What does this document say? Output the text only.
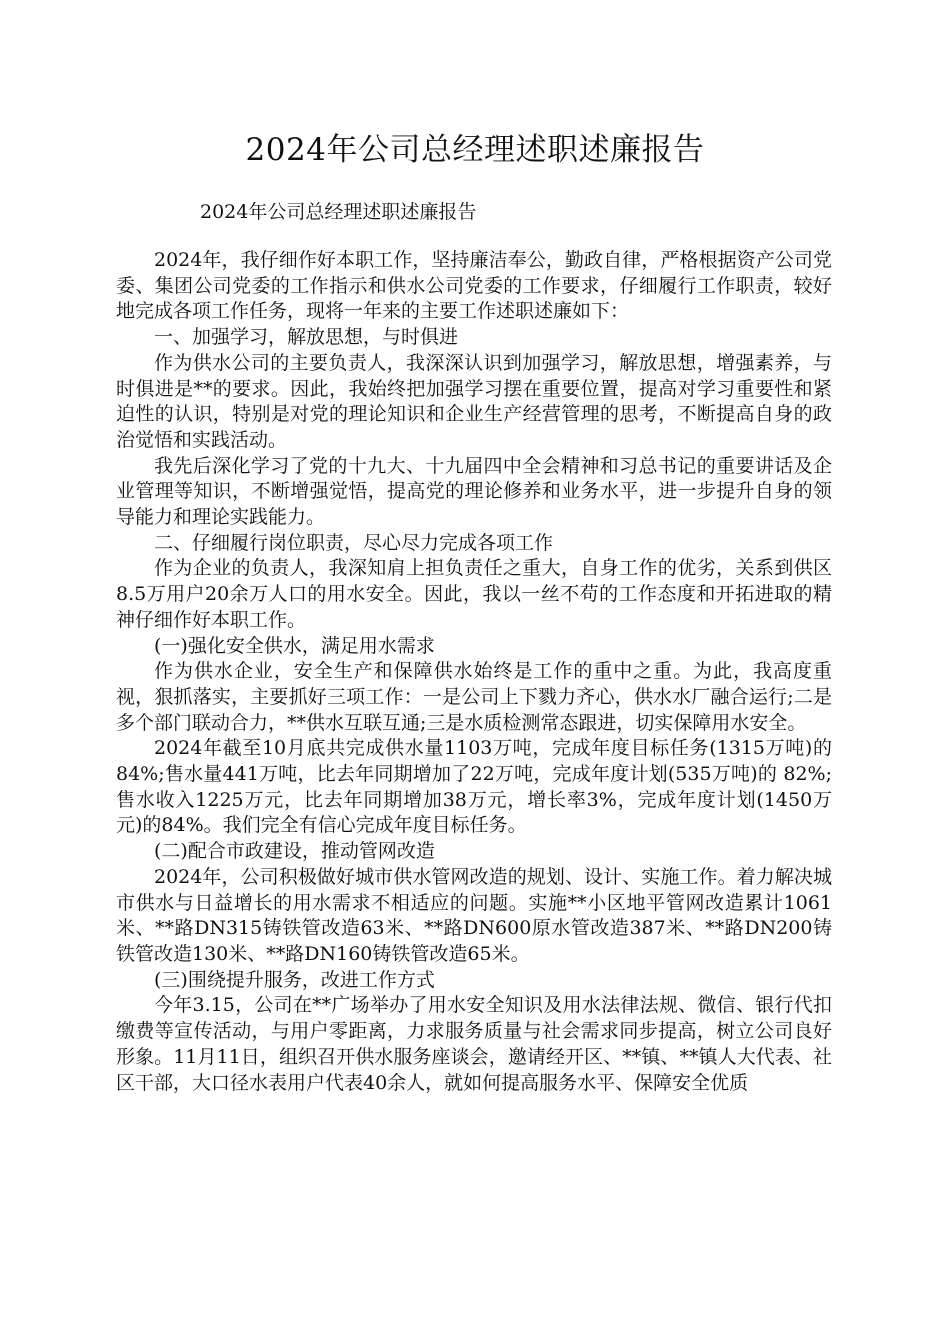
2024年公司总经理述职述廉报告
2024年公司总经理述职述廉报告

2024年，我仔细作好本职工作，坚持廉洁奉公，勤政自律，严格根据资产公司党委、集团公司党委的工作指示和供水公司党委的工作要求，仔细履行工作职责，较好地完成各项工作任务，现将一年来的主要工作述职述廉如下：

一、加强学习，解放思想，与时俱进

作为供水公司的主要负责人，我深深认识到加强学习，解放思想，增强素养，与时俱进是**的要求。因此，我始终把加强学习摆在重要位置，提高对学习重要性和紧迫性的认识，特别是对党的理论知识和企业生产经营管理的思考，不断提高自身的政治觉悟和实践活动。

我先后深化学习了党的十九大、十九届四中全会精神和习总书记的重要讲话及企业管理等知识，不断增强觉悟，提高党的理论修养和业务水平，进一步提升自身的领导能力和理论实践能力。

二、仔细履行岗位职责，尽心尽力完成各项工作

作为企业的负责人，我深知肩上担负责任之重大，自身工作的优劣，关系到供区8.5万用户20余万人口的用水安全。因此，我以一丝不苟的工作态度和开拓进取的精神仔细作好本职工作。

(一)强化安全供水，满足用水需求

作为供水企业，安全生产和保障供水始终是工作的重中之重。为此，我高度重视，狠抓落实，主要抓好三项工作：一是公司上下戮力齐心，供水水厂融合运行;二是多个部门联动合力，**供水互联互通;三是水质检测常态跟进，切实保障用水安全。

2024年截至10月底共完成供水量1103万吨，完成年度目标任务(1315万吨)的84%;售水量441万吨，比去年同期增加了22万吨，完成年度计划(535万吨)的 82%;售水收入1225万元，比去年同期增加38万元，增长率3%，完成年度计划(1450万元)的84%。我们完全有信心完成年度目标任务。

(二)配合市政建设，推动管网改造

2024年，公司积极做好城市供水管网改造的规划、设计、实施工作。着力解决城市供水与日益增长的用水需求不相适应的问题。实施**小区地平管网改造累计1061米、**路DN315铸铁管改造63米、**路DN600原水管改造387米、**路DN200铸铁管改造130米、**路DN160铸铁管改造65米。

(三)围绕提升服务，改进工作方式

今年3.15，公司在**广场举办了用水安全知识及用水法律法规、微信、银行代扣缴费等宣传活动，与用户零距离，力求服务质量与社会需求同步提高，树立公司良好形象。11月11日，组织召开供水服务座谈会，邀请经开区、**镇、**镇人大代表、社区干部，大口径水表用户代表40余人，就如何提高服务水平、保障安全优质
